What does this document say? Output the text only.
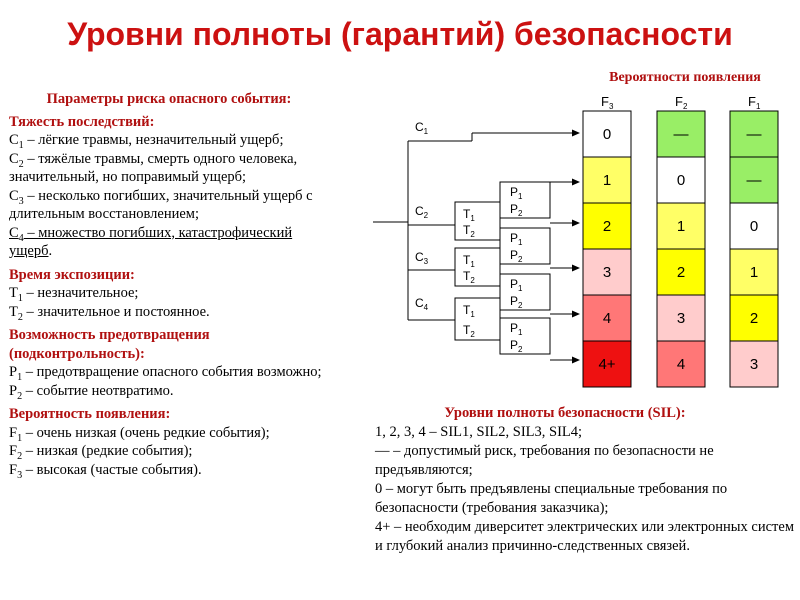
Уровни полноты (гарантий) безопасности
Параметры риска опасного события:
Тяжесть последствий:
$C_1$ – лёгкие травмы, незначительный ущерб;
$C_2$ – тяжёлые травмы, смерть одного человека, значительный, но поправимый ущерб;
$C_3$ – несколько погибших, значительный ущерб с длительным восстановлением;
$C_4$ – множество погибших, катастрофический ущерб.
Время экспозиции:
$T_1$ – незначительное;
$T_2$ – значительное и постоянное.
Возможность предотвращения (подконтрольность):
$P_1$ – предотвращение опасного события возможно;
$P_2$ – событие неотвратимо.
Вероятность появления:
$F_1$ – очень низкая (очень редкие события);
$F_2$ – низкая (редкие события);
$F_3$ – высокая (частые события).
Вероятности появления
$C_1$
$C_2$
$C_3$
$C_4$
$T_1$
$T_2$
$T_1$
$T_2$
$T_1$
$T_2$
$P_1$
$P_2$
$P_1$
$P_2$
$P_1$
$P_2$
$P_1$
$P_2$
$F_3$	$F_2$	$F_1$
0
1
2
3
4
4+
—
0
1
2
3
4
—
—
0
1
2
3
Уровни полноты безопасности (SIL):
1, 2, 3, 4 – SIL1, SIL2, SIL3, SIL4;
— – допустимый риск, требования по безопасности не предъявляются;
0 – могут быть предъявлены специальные требования по безопасности (требования заказчика);
4+ – необходим диверситет электрических или электронных систем и глубокий анализ причинно-следственных связей.
